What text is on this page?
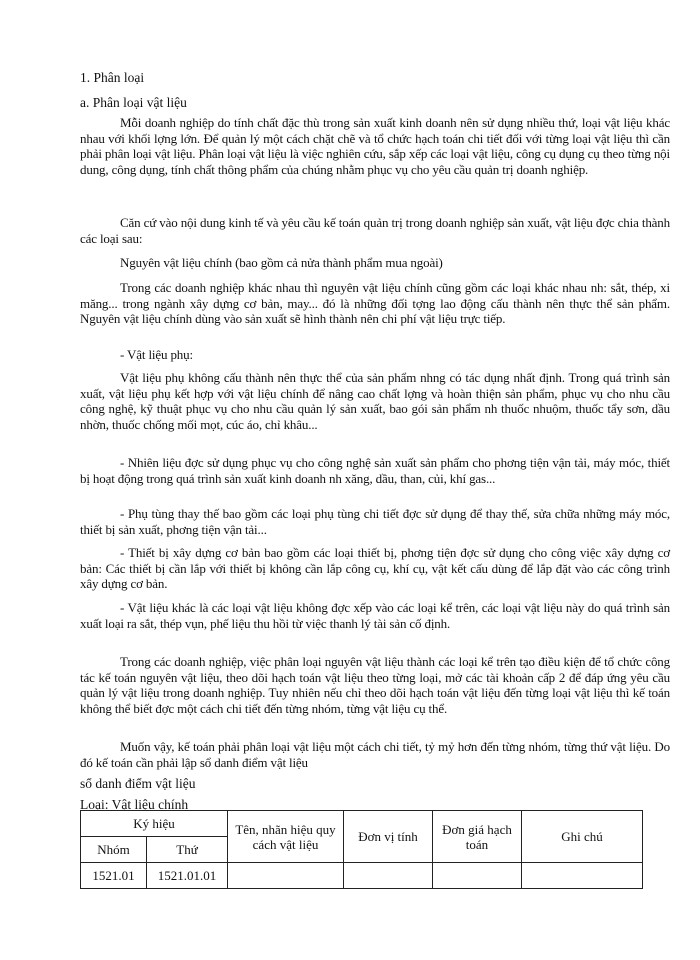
1. Phân loại

a. Phân loại vật liệu

Mỗi doanh nghiệp do tính chất đặc thù trong sản xuất kinh doanh nên sử dụng nhiều thứ, loại vật liệu khác nhau với khối lợng lớn. Để quản lý một cách chặt chẽ và tổ chức hạch toán chi tiết đối với từng loại vật liệu thì cần phải phân loại vật liệu. Phân loại vật liệu là việc nghiên cứu, sắp xếp các loại vật liệu, công cụ dụng cụ theo từng nội dung, công dụng, tính chất thông phẩm của chúng nhằm phục vụ cho yêu cầu quản trị doanh nghiệp.

Căn cứ vào nội dung kinh tế và yêu cầu kế toán quản trị trong doanh nghiệp sản xuất, vật liệu đợc chia thành các loại sau:

Nguyên vật liệu chính (bao gồm cả nửa thành phẩm mua ngoài)

Trong các doanh nghiệp khác nhau thì nguyên vật liệu chính cũng gồm các loại khác nhau nh: sắt, thép, xi măng... trong ngành xây dựng cơ bản, may... đó là những đối tợng lao động cấu thành nên thực thể sản phẩm. Nguyên vật liệu chính dùng vào sản xuất sẽ hình thành nên chi phí vật liệu trực tiếp.

- Vật liệu phụ:

Vật liệu phụ không cấu thành nên thực thể của sản phẩm nhng có tác dụng nhất định. Trong quá trình sản xuất, vật liệu phụ kết hợp với vật liệu chính để nâng cao chất lợng và hoàn thiện sản phẩm, phục vụ cho nhu cầu công nghệ, kỹ thuật phục vụ cho nhu cầu quản lý sản xuất, bao gói sản phẩm nh thuốc nhuộm, thuốc tẩy sơn, dầu nhờn, thuốc chống mối mọt, cúc áo, chỉ khâu...

- Nhiên liệu đợc sử dụng phục vụ cho công nghệ sản xuất sản phẩm cho phơng tiện vận tải, máy móc, thiết bị hoạt động trong quá trình sản xuất kinh doanh nh xăng, dầu, than, củi, khí gas...

- Phụ tùng thay thế bao gồm các loại phụ tùng chi tiết đợc sử dụng để thay thế, sửa chữa những máy móc, thiết bị sản xuất, phơng tiện vận tải...

- Thiết bị xây dựng cơ bản bao gồm các loại thiết bị, phơng tiện đợc sử dụng cho công việc xây dựng cơ bản: Các thiết bị cần lắp với thiết bị không cần lắp công cụ, khí cụ, vật kết cấu dùng để lắp đặt vào các công trình xây dựng cơ bản.

- Vật liệu khác là các loại vật liệu không đợc xếp vào các loại kể trên, các loại vật liệu này do quá trình sản xuất loại ra sắt, thép vụn, phế liệu thu hồi từ việc thanh lý tài sản cố định.

Trong các doanh nghiệp, việc phân loại nguyên vật liệu thành các loại kể trên tạo điều kiện để tổ chức công tác kế toán nguyên vật liệu, theo dõi hạch toán vật liệu theo từng loại, mở các tài khoản cấp 2 để đáp ứng yêu cầu quản lý vật liệu trong doanh nghiệp. Tuy nhiên nếu chỉ theo dõi hạch toán vật liệu đến từng loại vật liệu thì kế toán không thể biết đợc một cách chi tiết đến từng nhóm, từng vật liệu cụ thể.

Muốn vậy, kế toán phải phân loại vật liệu một cách chi tiết, tỷ mỷ hơn đến từng nhóm, từng thứ vật liệu. Do đó kế toán cần phải lập sổ danh điểm vật liệu

sổ danh điểm vật liệu

Loại: Vật liệu chính

Ký hiệu		Tên, nhãn hiệu quy cách vật liệu	Đơn vị tính	Đơn giá hạch toán	Ghi chú
Nhóm	Thứ				
1521.01	1521.01.01				
